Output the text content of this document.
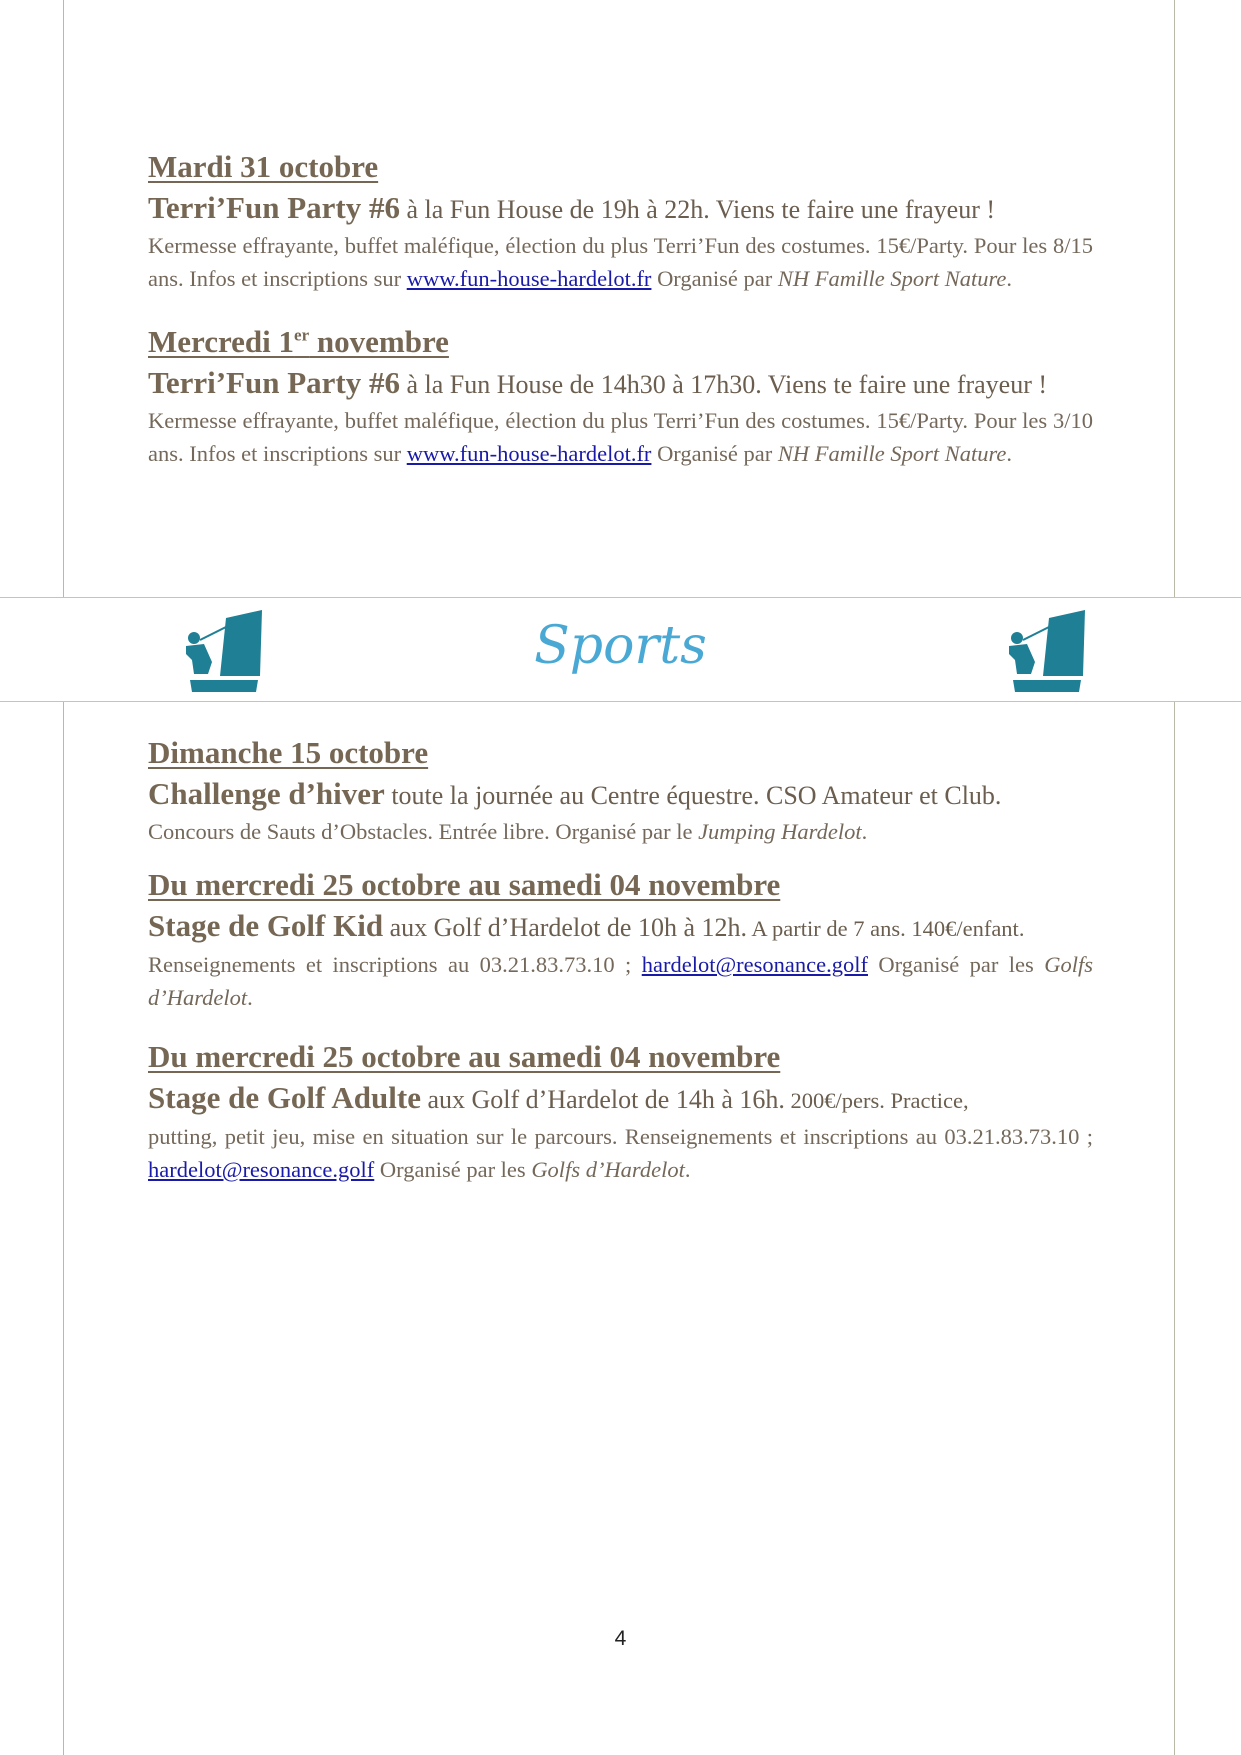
Mardi 31 octobre
Terri’Fun Party #6 à la Fun House de 19h à 22h. Viens te faire une frayeur !
Kermesse effrayante, buffet maléfique, élection du plus Terri’Fun des costumes. 15€/Party. Pour les 8/15 ans. Infos et inscriptions sur www.fun-house-hardelot.fr Organisé par NH Famille Sport Nature.
Mercredi 1er novembre
Terri’Fun Party #6 à la Fun House de 14h30 à 17h30. Viens te faire une frayeur !
Kermesse effrayante, buffet maléfique, élection du plus Terri’Fun des costumes. 15€/Party. Pour les 3/10 ans. Infos et inscriptions sur www.fun-house-hardelot.fr Organisé par NH Famille Sport Nature.
Sports
Dimanche 15 octobre
Challenge d’hiver toute la journée au Centre équestre. CSO Amateur et Club.
Concours de Sauts d’Obstacles. Entrée libre. Organisé par le Jumping Hardelot.
Du mercredi 25 octobre au samedi 04 novembre
Stage de Golf Kid aux Golf d’Hardelot de 10h à 12h. A partir de 7 ans. 140€/enfant.
Renseignements et inscriptions au 03.21.83.73.10 ; hardelot@resonance.golf Organisé par les Golfs d’Hardelot.
Du mercredi 25 octobre au samedi 04 novembre
Stage de Golf Adulte aux Golf d’Hardelot de 14h à 16h. 200€/pers. Practice,
putting, petit jeu, mise en situation sur le parcours. Renseignements et inscriptions au 03.21.83.73.10 ; hardelot@resonance.golf Organisé par les Golfs d’Hardelot.
4
